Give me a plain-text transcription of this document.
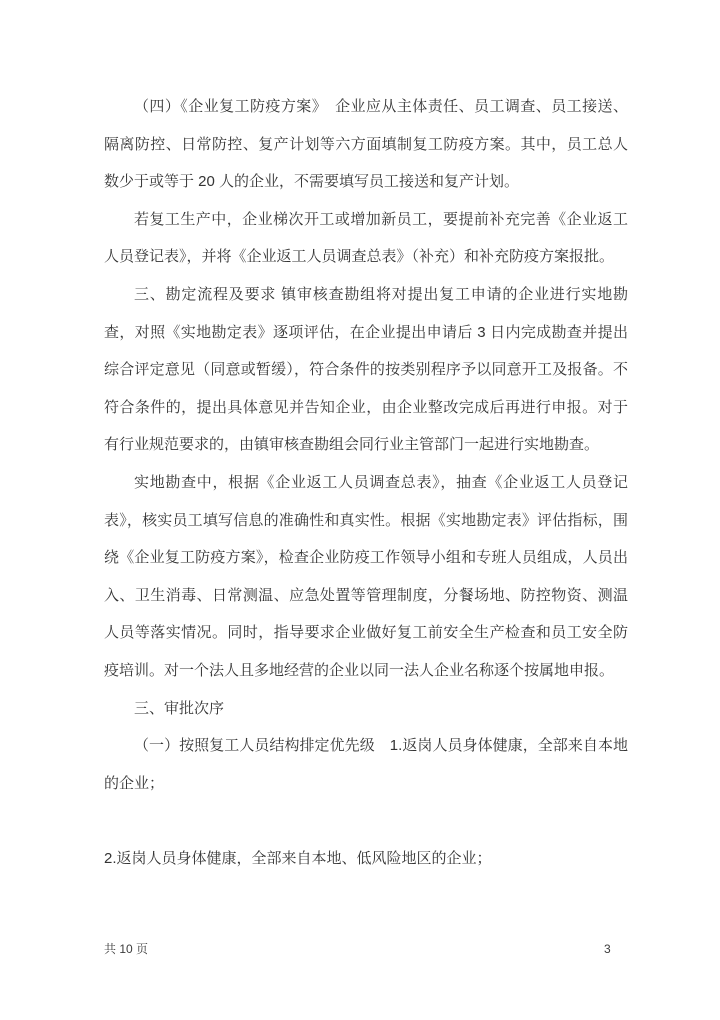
（四）《企业复工防疫方案》　企业应从主体责任、员工调查、员工接送、隔离防控、日常防控、复产计划等六方面填制复工防疫方案。其中，员工总人数少于或等于 20 人的企业，不需要填写员工接送和复产计划。

若复工生产中，企业梯次开工或增加新员工，要提前补充完善《企业返工人员登记表》，并将《企业返工人员调查总表》（补充）和补充防疫方案报批。

三、勘定流程及要求 镇审核查勘组将对提出复工申请的企业进行实地勘查，对照《实地勘定表》逐项评估，在企业提出申请后 3 日内完成勘查并提出综合评定意见（同意或暂缓），符合条件的按类别程序予以同意开工及报备。不符合条件的，提出具体意见并告知企业，由企业整改完成后再进行申报。对于有行业规范要求的，由镇审核查勘组会同行业主管部门一起进行实地勘查。

实地勘查中，根据《企业返工人员调查总表》，抽查《企业返工人员登记表》，核实员工填写信息的准确性和真实性。根据《实地勘定表》评估指标，围绕《企业复工防疫方案》，检查企业防疫工作领导小组和专班人员组成，人员出入、卫生消毒、日常测温、应急处置等管理制度，分餐场地、防控物资、测温人员等落实情况。同时，指导要求企业做好复工前安全生产检查和员工安全防疫培训。对一个法人且多地经营的企业以同一法人企业名称逐个按属地申报。

三、审批次序

（一）按照复工人员结构排定优先级　1.返岗人员身体健康，全部来自本地的企业；

2.返岗人员身体健康，全部来自本地、低风险地区的企业；

共 10 页	3
